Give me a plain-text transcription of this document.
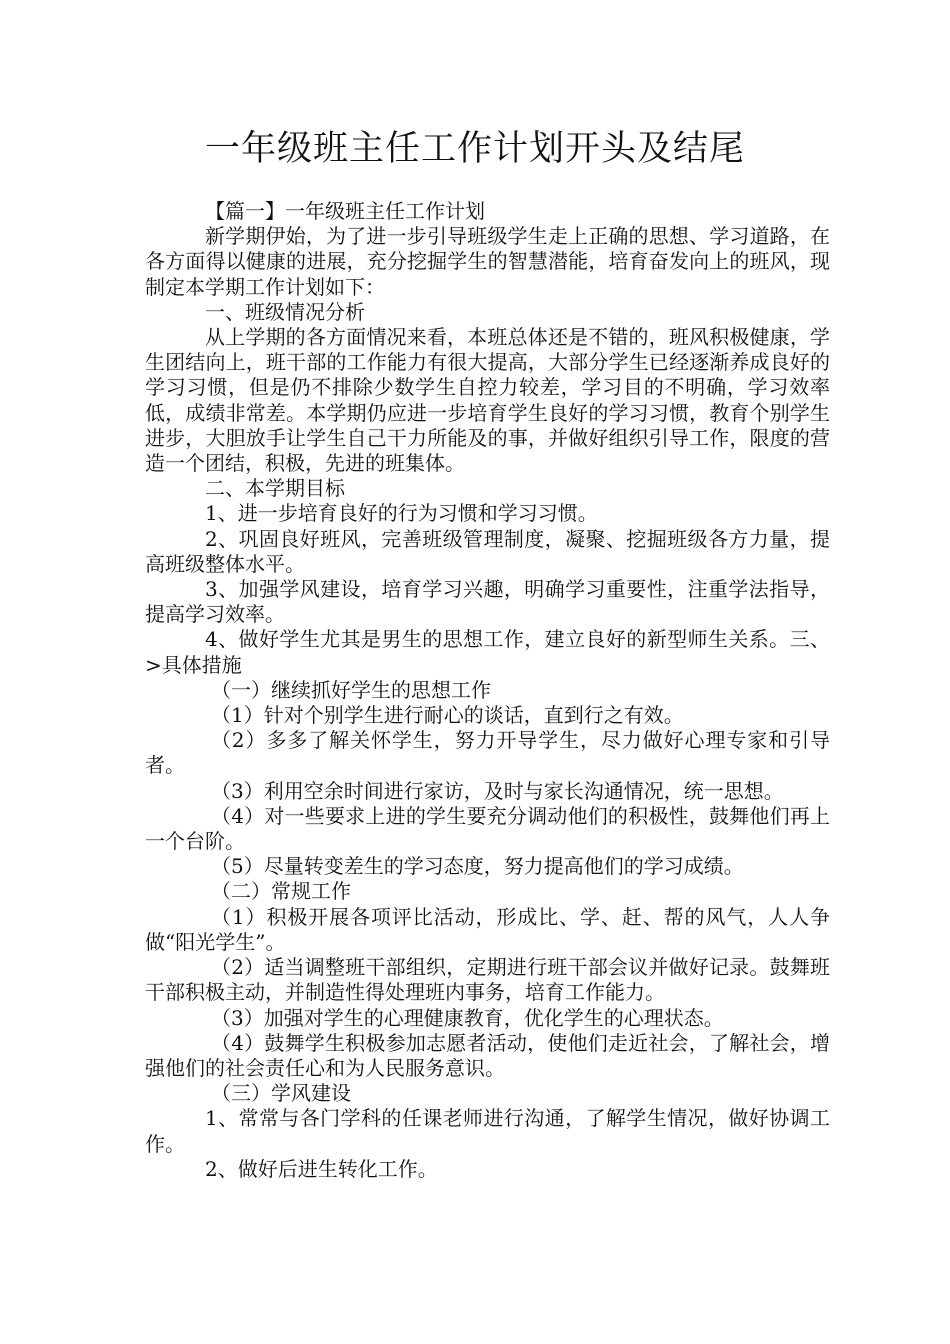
一年级班主任工作计划开头及结尾

【篇一】一年级班主任工作计划

新学期伊始，为了进一步引导班级学生走上正确的思想、学习道路，在各方面得以健康的进展，充分挖掘学生的智慧潜能，培育奋发向上的班风，现制定本学期工作计划如下：

一、班级情况分析

从上学期的各方面情况来看，本班总体还是不错的，班风积极健康，学生团结向上，班干部的工作能力有很大提高，大部分学生已经逐渐养成良好的学习习惯，但是仍不排除少数学生自控力较差，学习目的不明确，学习效率低，成绩非常差。本学期仍应进一步培育学生良好的学习习惯，教育个别学生进步，大胆放手让学生自己干力所能及的事，并做好组织引导工作，限度的营造一个团结，积极，先进的班集体。

二、本学期目标

1、进一步培育良好的行为习惯和学习习惯。

2、巩固良好班风，完善班级管理制度，凝聚、挖掘班级各方力量，提高班级整体水平。

3、加强学风建设，培育学习兴趣，明确学习重要性，注重学法指导，提高学习效率。

4、做好学生尤其是男生的思想工作，建立良好的新型师生关系。三、>具体措施

（一）继续抓好学生的思想工作

（1）针对个别学生进行耐心的谈话，直到行之有效。

（2）多多了解关怀学生，努力开导学生，尽力做好心理专家和引导者。

（3）利用空余时间进行家访，及时与家长沟通情况，统一思想。

（4）对一些要求上进的学生要充分调动他们的积极性，鼓舞他们再上一个台阶。

（5）尽量转变差生的学习态度，努力提高他们的学习成绩。

（二）常规工作

（1）积极开展各项评比活动，形成比、学、赶、帮的风气，人人争做“阳光学生”。

（2）适当调整班干部组织，定期进行班干部会议并做好记录。鼓舞班干部积极主动，并制造性得处理班内事务，培育工作能力。

（3）加强对学生的心理健康教育，优化学生的心理状态。

（4）鼓舞学生积极参加志愿者活动，使他们走近社会，了解社会，增强他们的社会责任心和为人民服务意识。

（三）学风建设

1、常常与各门学科的任课老师进行沟通，了解学生情况，做好协调工作。

2、做好后进生转化工作。
